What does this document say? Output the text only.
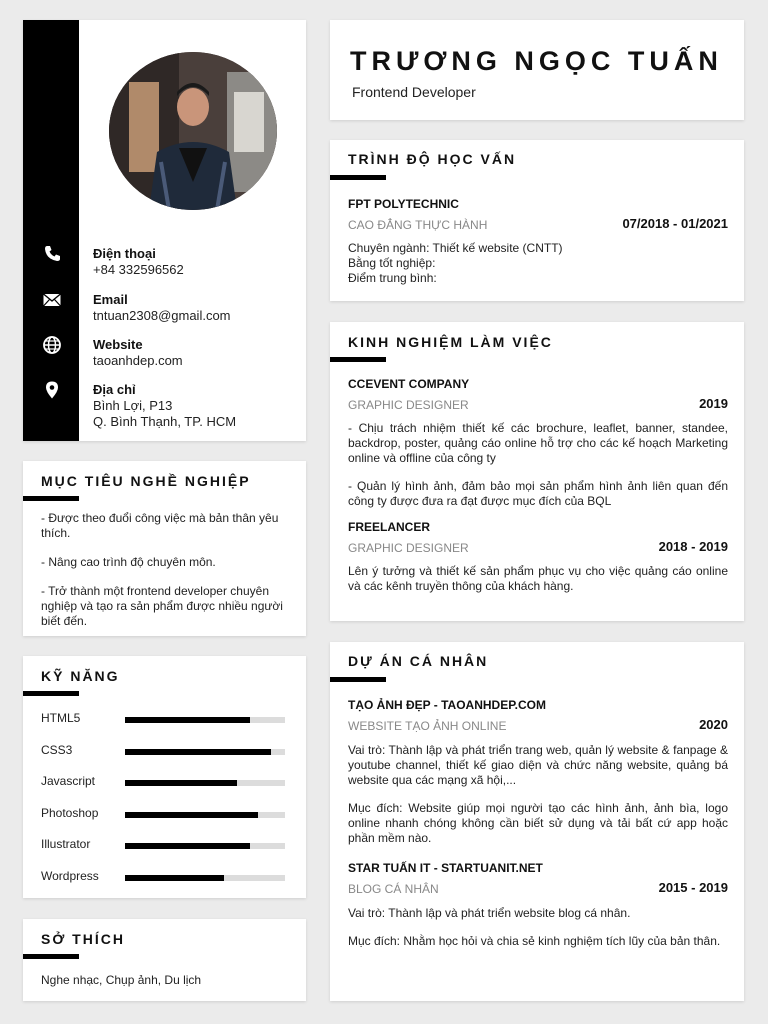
Điện thoại
+84 332596562
Email
tntuan2308@gmail.com
Website
taoanhdep.com
Địa chỉ
Bình Lợi, P13
Q. Bình Thạnh, TP. HCM
MỤC TIÊU NGHỀ NGHIỆP
- Được theo đuổi công việc mà bản thân yêu thích.
- Nâng cao trình độ chuyên môn.
- Trở thành một frontend developer chuyên nghiệp và tạo ra sản phẩm được nhiều người biết đến.
KỸ NĂNG
HTML5
CSS3
Javascript
Photoshop
Illustrator
Wordpress
SỞ THÍCH
Nghe nhạc, Chụp ảnh, Du lịch
TRƯƠNG NGỌC TUẤN
Frontend Developer
TRÌNH ĐỘ HỌC VẤN
FPT POLYTECHNIC
CAO ĐẲNG THỰC HÀNH	07/2018 - 01/2021
Chuyên ngành: Thiết kế website (CNTT)
Bằng tốt nghiệp:
Điểm trung bình:
KINH NGHIỆM LÀM VIỆC
CCEVENT COMPANY
GRAPHIC DESIGNER	2019
- Chịu trách nhiệm thiết kế các brochure, leaflet, banner, standee, backdrop, poster, quảng cáo online hỗ trợ cho các kế hoạch Marketing online và offline của công ty
- Quản lý hình ảnh, đảm bảo mọi sản phẩm hình ảnh liên quan đến công ty được đưa ra đạt được mục đích của BQL
FREELANCER
GRAPHIC DESIGNER	2018 - 2019
Lên ý tưởng và thiết kế sản phẩm phục vụ cho việc quảng cáo online và các kênh truyền thông của khách hàng.
DỰ ÁN CÁ NHÂN
TẠO ẢNH ĐẸP - TAOANHDEP.COM
WEBSITE TẠO ẢNH ONLINE	2020
Vai trò: Thành lập và phát triển trang web, quản lý website & fanpage & youtube channel, thiết kế giao diện và chức năng website, quảng bá website qua các mạng xã hội,...
Mục đích: Website giúp mọi người tạo các hình ảnh, ảnh bìa, logo online nhanh chóng không cần biết sử dụng và tải bất cứ app hoặc phần mềm nào.
STAR TUẤN IT - STARTUANIT.NET
BLOG CÁ NHÂN	2015 - 2019
Vai trò: Thành lập và phát triển website blog cá nhân.
Mục đích: Nhằm học hỏi và chia sẻ kinh nghiệm tích lũy của bản thân.
